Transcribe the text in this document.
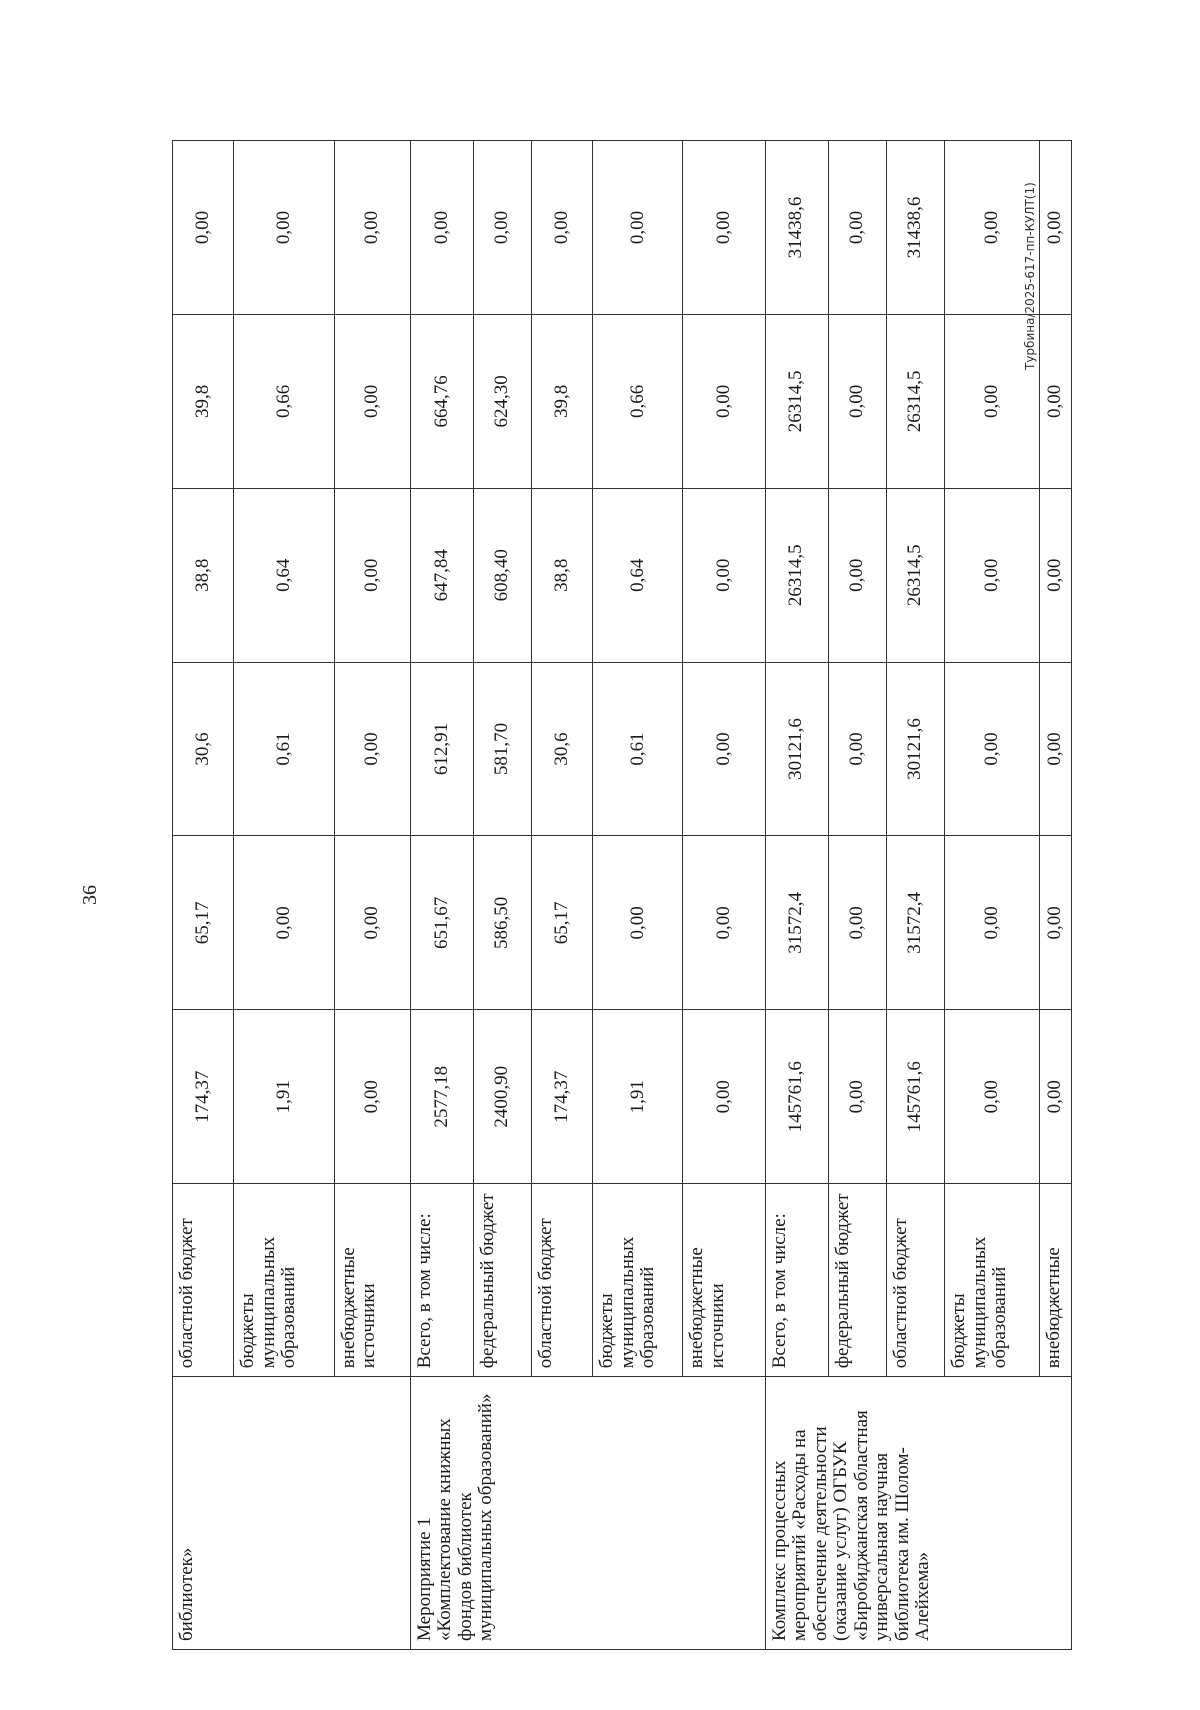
36
библиотек»	областной бюджет	174,37	65,17	30,6	38,8	39,8	0,00
	бюджеты муниципальных образований	1,91	0,00	0,61	0,64	0,66	0,00
	внебюджетные источники	0,00	0,00	0,00	0,00	0,00	0,00
Мероприятие 1 «Комплектование книжных фондов библиотек муниципальных образований»	Всего, в том числе:	2577,18	651,67	612,91	647,84	664,76	0,00
	федеральный бюджет	2400,90	586,50	581,70	608,40	624,30	0,00
	областной бюджет	174,37	65,17	30,6	38,8	39,8	0,00
	бюджеты муниципальных образований	1,91	0,00	0,61	0,64	0,66	0,00
	внебюджетные источники	0,00	0,00	0,00	0,00	0,00	0,00
Комплекс процессных мероприятий «Расходы на обеспечение деятельности (оказание услуг) ОГБУК «Биробиджанская областная универсальная научная библиотека им. Шолом-Алейхема»	Всего, в том числе:	145761,6	31572,4	30121,6	26314,5	26314,5	31438,6
	федеральный бюджет	0,00	0,00	0,00	0,00	0,00	0,00
	областной бюджет	145761,6	31572,4	30121,6	26314,5	26314,5	31438,6
	бюджеты муниципальных образований	0,00	0,00	0,00	0,00	0,00	0,00
	внебюджетные	0,00	0,00	0,00	0,00	0,00	0,00
Турбина/2025-617-пп-КУЛТ(1)
